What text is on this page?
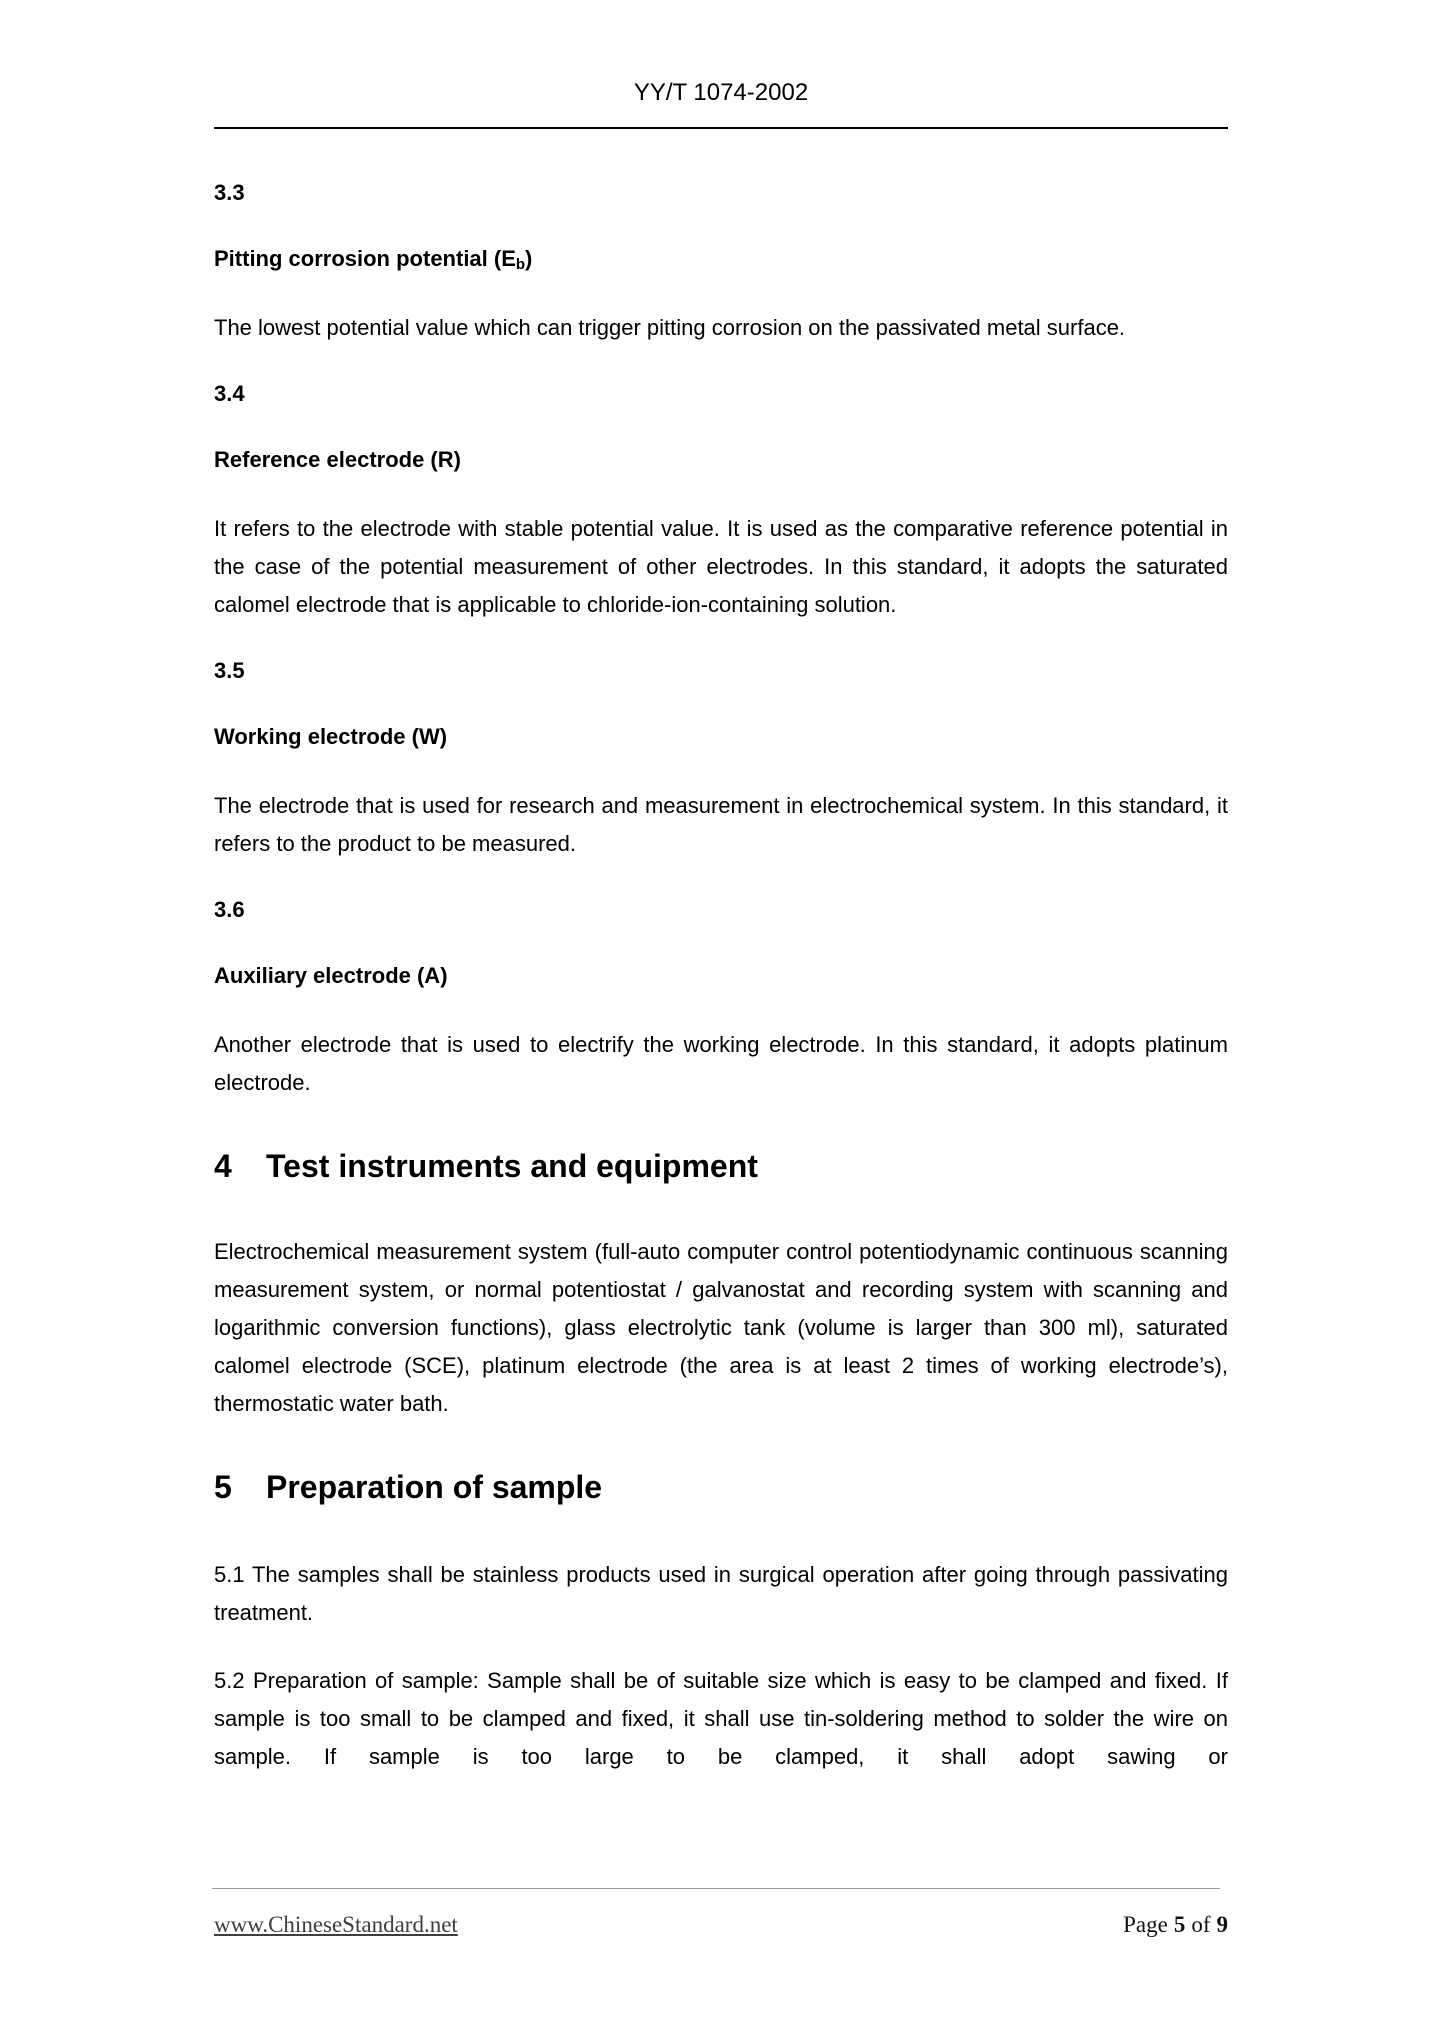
YY/T 1074-2002
3.3
Pitting corrosion potential $(E_b)$

The lowest potential value which can trigger pitting corrosion on the passivated metal surface.

3.4
Reference electrode (R)

It refers to the electrode with stable potential value. It is used as the comparative reference potential in the case of the potential measurement of other electrodes. In this standard, it adopts the saturated calomel electrode that is applicable to chloride-ion-containing solution.

3.5
Working electrode (W)

The electrode that is used for research and measurement in electrochemical system. In this standard, it refers to the product to be measured.

3.6
Auxiliary electrode (A)

Another electrode that is used to electrify the working electrode. In this standard, it adopts platinum electrode.

4 Test instruments and equipment

Electrochemical measurement system (full-auto computer control potentiodynamic continuous scanning measurement system, or normal potentiostat / galvanostat and recording system with scanning and logarithmic conversion functions), glass electrolytic tank (volume is larger than 300 ml), saturated calomel electrode (SCE), platinum electrode (the area is at least 2 times of working electrode’s), thermostatic water bath.

5 Preparation of sample

5.1 The samples shall be stainless products used in surgical operation after going through passivating treatment.

5.2 Preparation of sample: Sample shall be of suitable size which is easy to be clamped and fixed. If sample is too small to be clamped and fixed, it shall use tin-soldering method to solder the wire on sample. If sample is too large to be clamped, it shall adopt sawing or

www.ChineseStandard.net	Page 5 of 9
